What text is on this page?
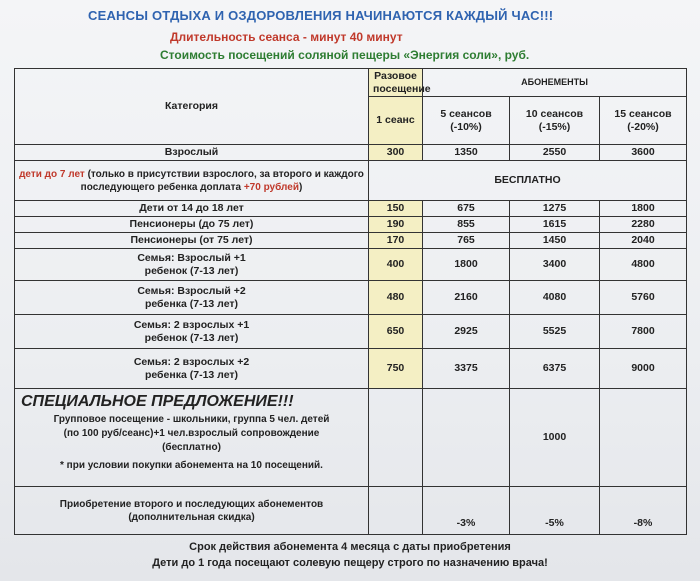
СЕАНСЫ ОТДЫХА И ОЗДОРОВЛЕНИЯ НАЧИНАЮТСЯ КАЖДЫЙ ЧАС!!!
Длительность сеанса - минут 40 минут
Стоимость посещений соляной пещеры «Энергия соли», руб.
Категория	Разовое посещение	АБОНЕМЕНТЫ		
	1 сеанс	5 сеансов (-10%)	10 сеансов (-15%)	15 сеансов (-20%)
Взрослый	300	1350	2550	3600
дети до 7 лет (только в присутствии взрослого, за второго и каждого последующего ребенка доплата +70 рублей)	БЕСПЛАТНО			
Дети от 14 до 18 лет	150	675	1275	1800
Пенсионеры (до 75 лет)	190	855	1615	2280
Пенсионеры (от 75 лет)	170	765	1450	2040
Семья: Взрослый +1 ребенок (7-13 лет)	400	1800	3400	4800
Семья: Взрослый +2 ребенка (7-13 лет)	480	2160	4080	5760
Семья: 2 взрослых +1 ребенок (7-13 лет)	650	2925	5525	7800
Семья: 2 взрослых +2 ребенка (7-13 лет)	750	3375	6375	9000

СПЕЦИАЛЬНОЕ ПРЕДЛОЖЕНИЕ!!!
Групповое посещение - школьники, группа 5 чел. детей (по 100 руб/сеанс)+1 чел.взрослый сопровождение (бесплатно)
* при условии покупки абонемента на 10 посещений.			1000	
Приобретение второго и последующих абонементов (дополнительная скидка)		-3%	-5%	-8%
Срок действия абонемента 4 месяца с даты приобретения
Дети до 1 года посещают солевую пещеру строго по назначению врача!
